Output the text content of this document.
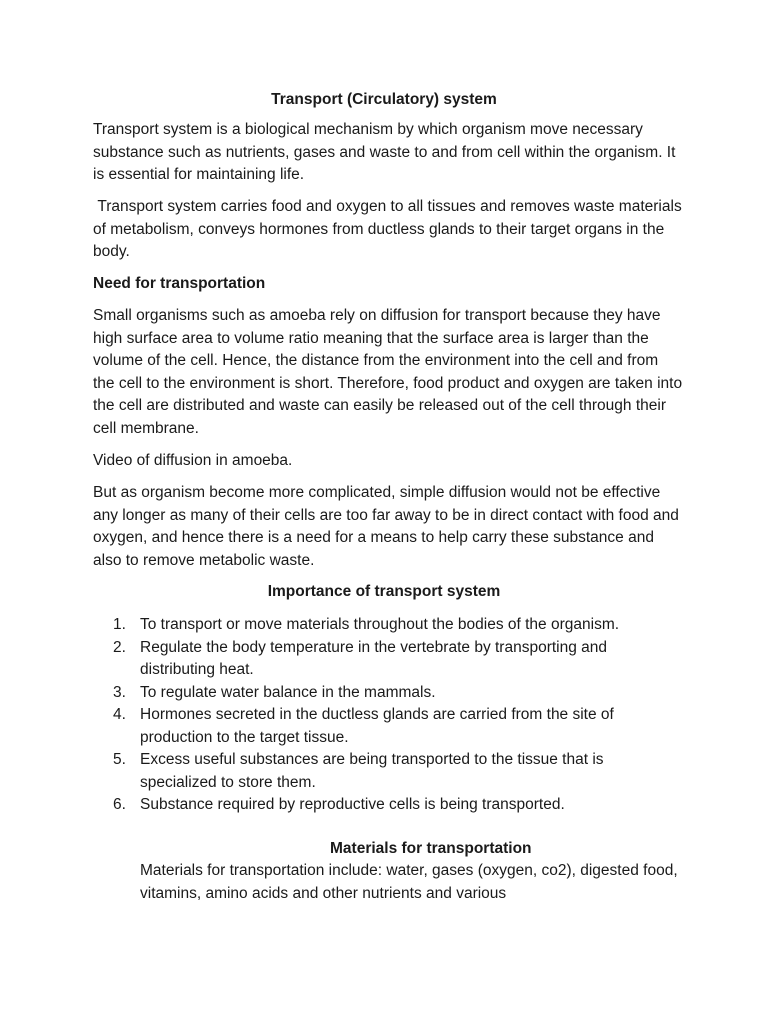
Transport (Circulatory) system

Transport system is a biological mechanism by which organism move necessary substance such as nutrients, gases and waste to and from cell within the organism. It is essential for maintaining life.

Transport system carries food and oxygen to all tissues and removes waste materials of metabolism, conveys hormones from ductless glands to their target organs in the body.

Need for transportation

Small organisms such as amoeba rely on diffusion for transport because they have high surface area to volume ratio meaning that the surface area is larger than the volume of the cell. Hence, the distance from the environment into the cell and from the cell to the environment is short. Therefore, food product and oxygen are taken into the cell are distributed and waste can easily be released out of the cell through their cell membrane.

Video of diffusion in amoeba.

But as organism become more complicated, simple diffusion would not be effective any longer as many of their cells are too far away to be in direct contact with food and oxygen, and hence there is a need for a means to help carry these substance and also to remove metabolic waste.

Importance of transport system
1. To transport or move materials throughout the bodies of the organism.
2. Regulate the body temperature in the vertebrate by transporting and distributing heat.
3. To regulate water balance in the mammals.
4. Hormones secreted in the ductless glands are carried from the site of production to the target tissue.
5. Excess useful substances are being transported to the tissue that is specialized to store them.
6. Substance required by reproductive cells is being transported.
Materials for transportation

Materials for transportation include: water, gases (oxygen, co2), digested food, vitamins, amino acids and other nutrients and various
